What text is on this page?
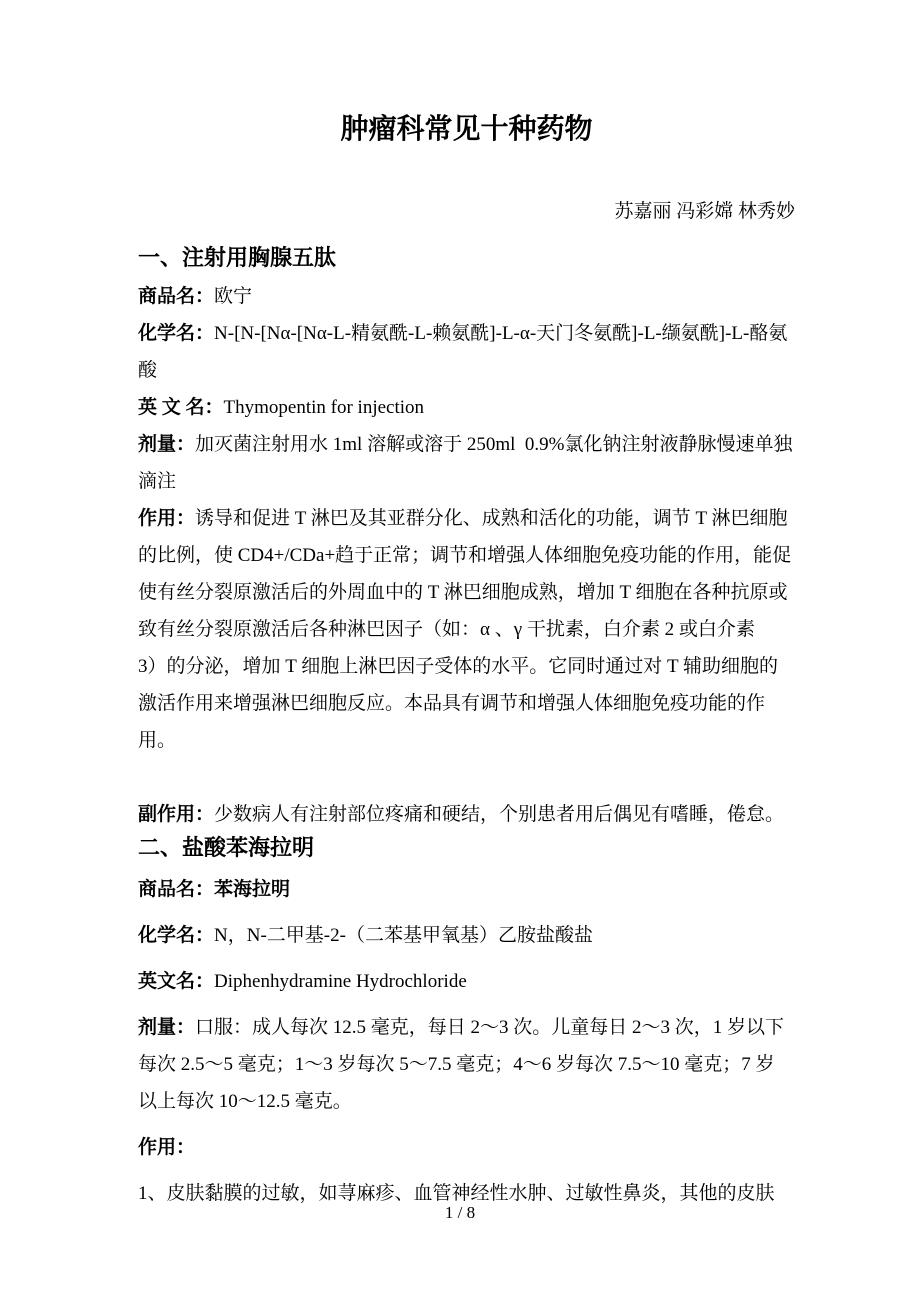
肿瘤科常见十种药物
苏嘉丽 冯彩嫦 林秀妙
一、注射用胸腺五肽
商品名：欧宁
化学名：N-[N-[Nα-[Nα-L-精氨酰-L-赖氨酰]-L-α-天门冬氨酰]-L-缬氨酰]-L-酪氨
酸
英 文 名：Thymopentin for injection
剂量：加灭菌注射用水 1ml 溶解或溶于 250ml  0.9%氯化钠注射液静脉慢速单独
滴注
作用：诱导和促进 T 淋巴及其亚群分化、成熟和活化的功能，调节 T 淋巴细胞
的比例，使 CD4+/CDa+趋于正常；调节和增强人体细胞免疫功能的作用，能促
使有丝分裂原激活后的外周血中的 T 淋巴细胞成熟，增加 T 细胞在各种抗原或
致有丝分裂原激活后各种淋巴因子（如：α 、γ 干扰素，白介素 2 或白介素
3）的分泌，增加 T 细胞上淋巴因子受体的水平。它同时通过对 T 辅助细胞的
激活作用来增强淋巴细胞反应。本品具有调节和增强人体细胞免疫功能的作用。
副作用：少数病人有注射部位疼痛和硬结，个别患者用后偶见有嗜睡，倦怠。
二、盐酸苯海拉明
商品名：苯海拉明
化学名：N，N-二甲基-2-（二苯基甲氧基）乙胺盐酸盐
英文名：Diphenhydramine Hydrochloride
剂量：口服：成人每次 12.5 毫克，每日 2～3 次。儿童每日 2～3 次，1 岁以下
每次 2.5～5 毫克；1～3 岁每次 5～7.5 毫克；4～6 岁每次 7.5～10 毫克；7 岁
以上每次 10～12.5 毫克。
作用：
1、皮肤黏膜的过敏，如荨麻疹、血管神经性水肿、过敏性鼻炎，其他的皮肤
1 / 8
